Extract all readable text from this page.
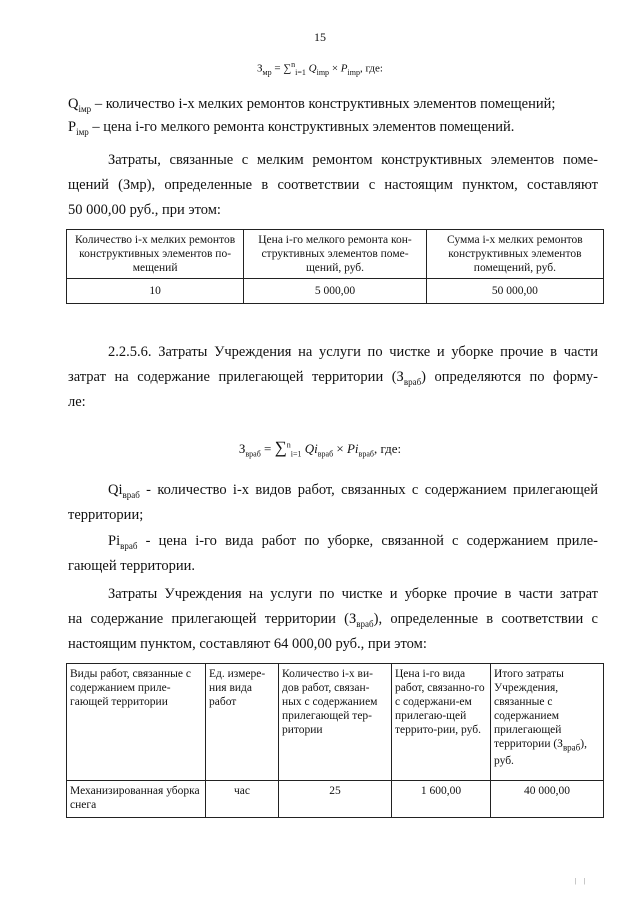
15
$З_{мр} = \sum^n_{i=1}$ $Q_{imp} \times P_{imp}$, где:
$Q_{iмр}$ – количество i-х мелких ремонтов конструктивных элементов помещений;
$P_{iмр}$ – цена i-го мелкого ремонта конструктивных элементов помещений.
Затраты, связанные с мелким ремонтом конструктивных элементов поме-
щений (Змр), определенные в соответствии с настоящим пунктом, составляют
50 000,00 руб., при этом:
Количество i-х мелких ремонтов конструктивных элементов по-мещений	Цена i-го мелкого ремонта кон-структивных элементов поме-щений, руб.	Сумма i-х мелких ремонтов конструктивных элементов помещений, руб.
10	5 000,00	50 000,00
2.2.5.6. Затраты Учреждения на услуги по чистке и уборке прочие в части
затрат на содержание прилегающей территории $(З_{враб})$ определяются по форму-
ле:
$З_{враб} = \sum^n_{i=1}$ $Qi_{враб} \times Pi_{враб}$, где:
$Qi_{враб}$ - количество i-х видов работ, связанных с содержанием прилегающей
территории;
$Pi_{враб}$ - цена i-го вида работ по уборке, связанной с содержанием приле-
гающей территории.
Затраты Учреждения на услуги по чистке и уборке прочие в части затрат
на содержание прилегающей территории $(З_{враб})$, определенные в соответствии с
настоящим пунктом, составляют 64 000,00 руб., при этом:
Виды работ, связанные с содержанием приле-гающей территории	Ед. измере-ния вида работ	Количество i-х ви-дов работ, связан-ных с содержанием прилегающей тер-ритории	Цена i-го вида работ, связанно-го с содержани-ем прилегаю-щей террито-рии, руб.	Итого затраты Учреждения, связанные с содержанием прилегающей территории $(З_{враб})$, руб.
Механизированная уборка снега	час	25	1 600,00	40 000,00
| |
